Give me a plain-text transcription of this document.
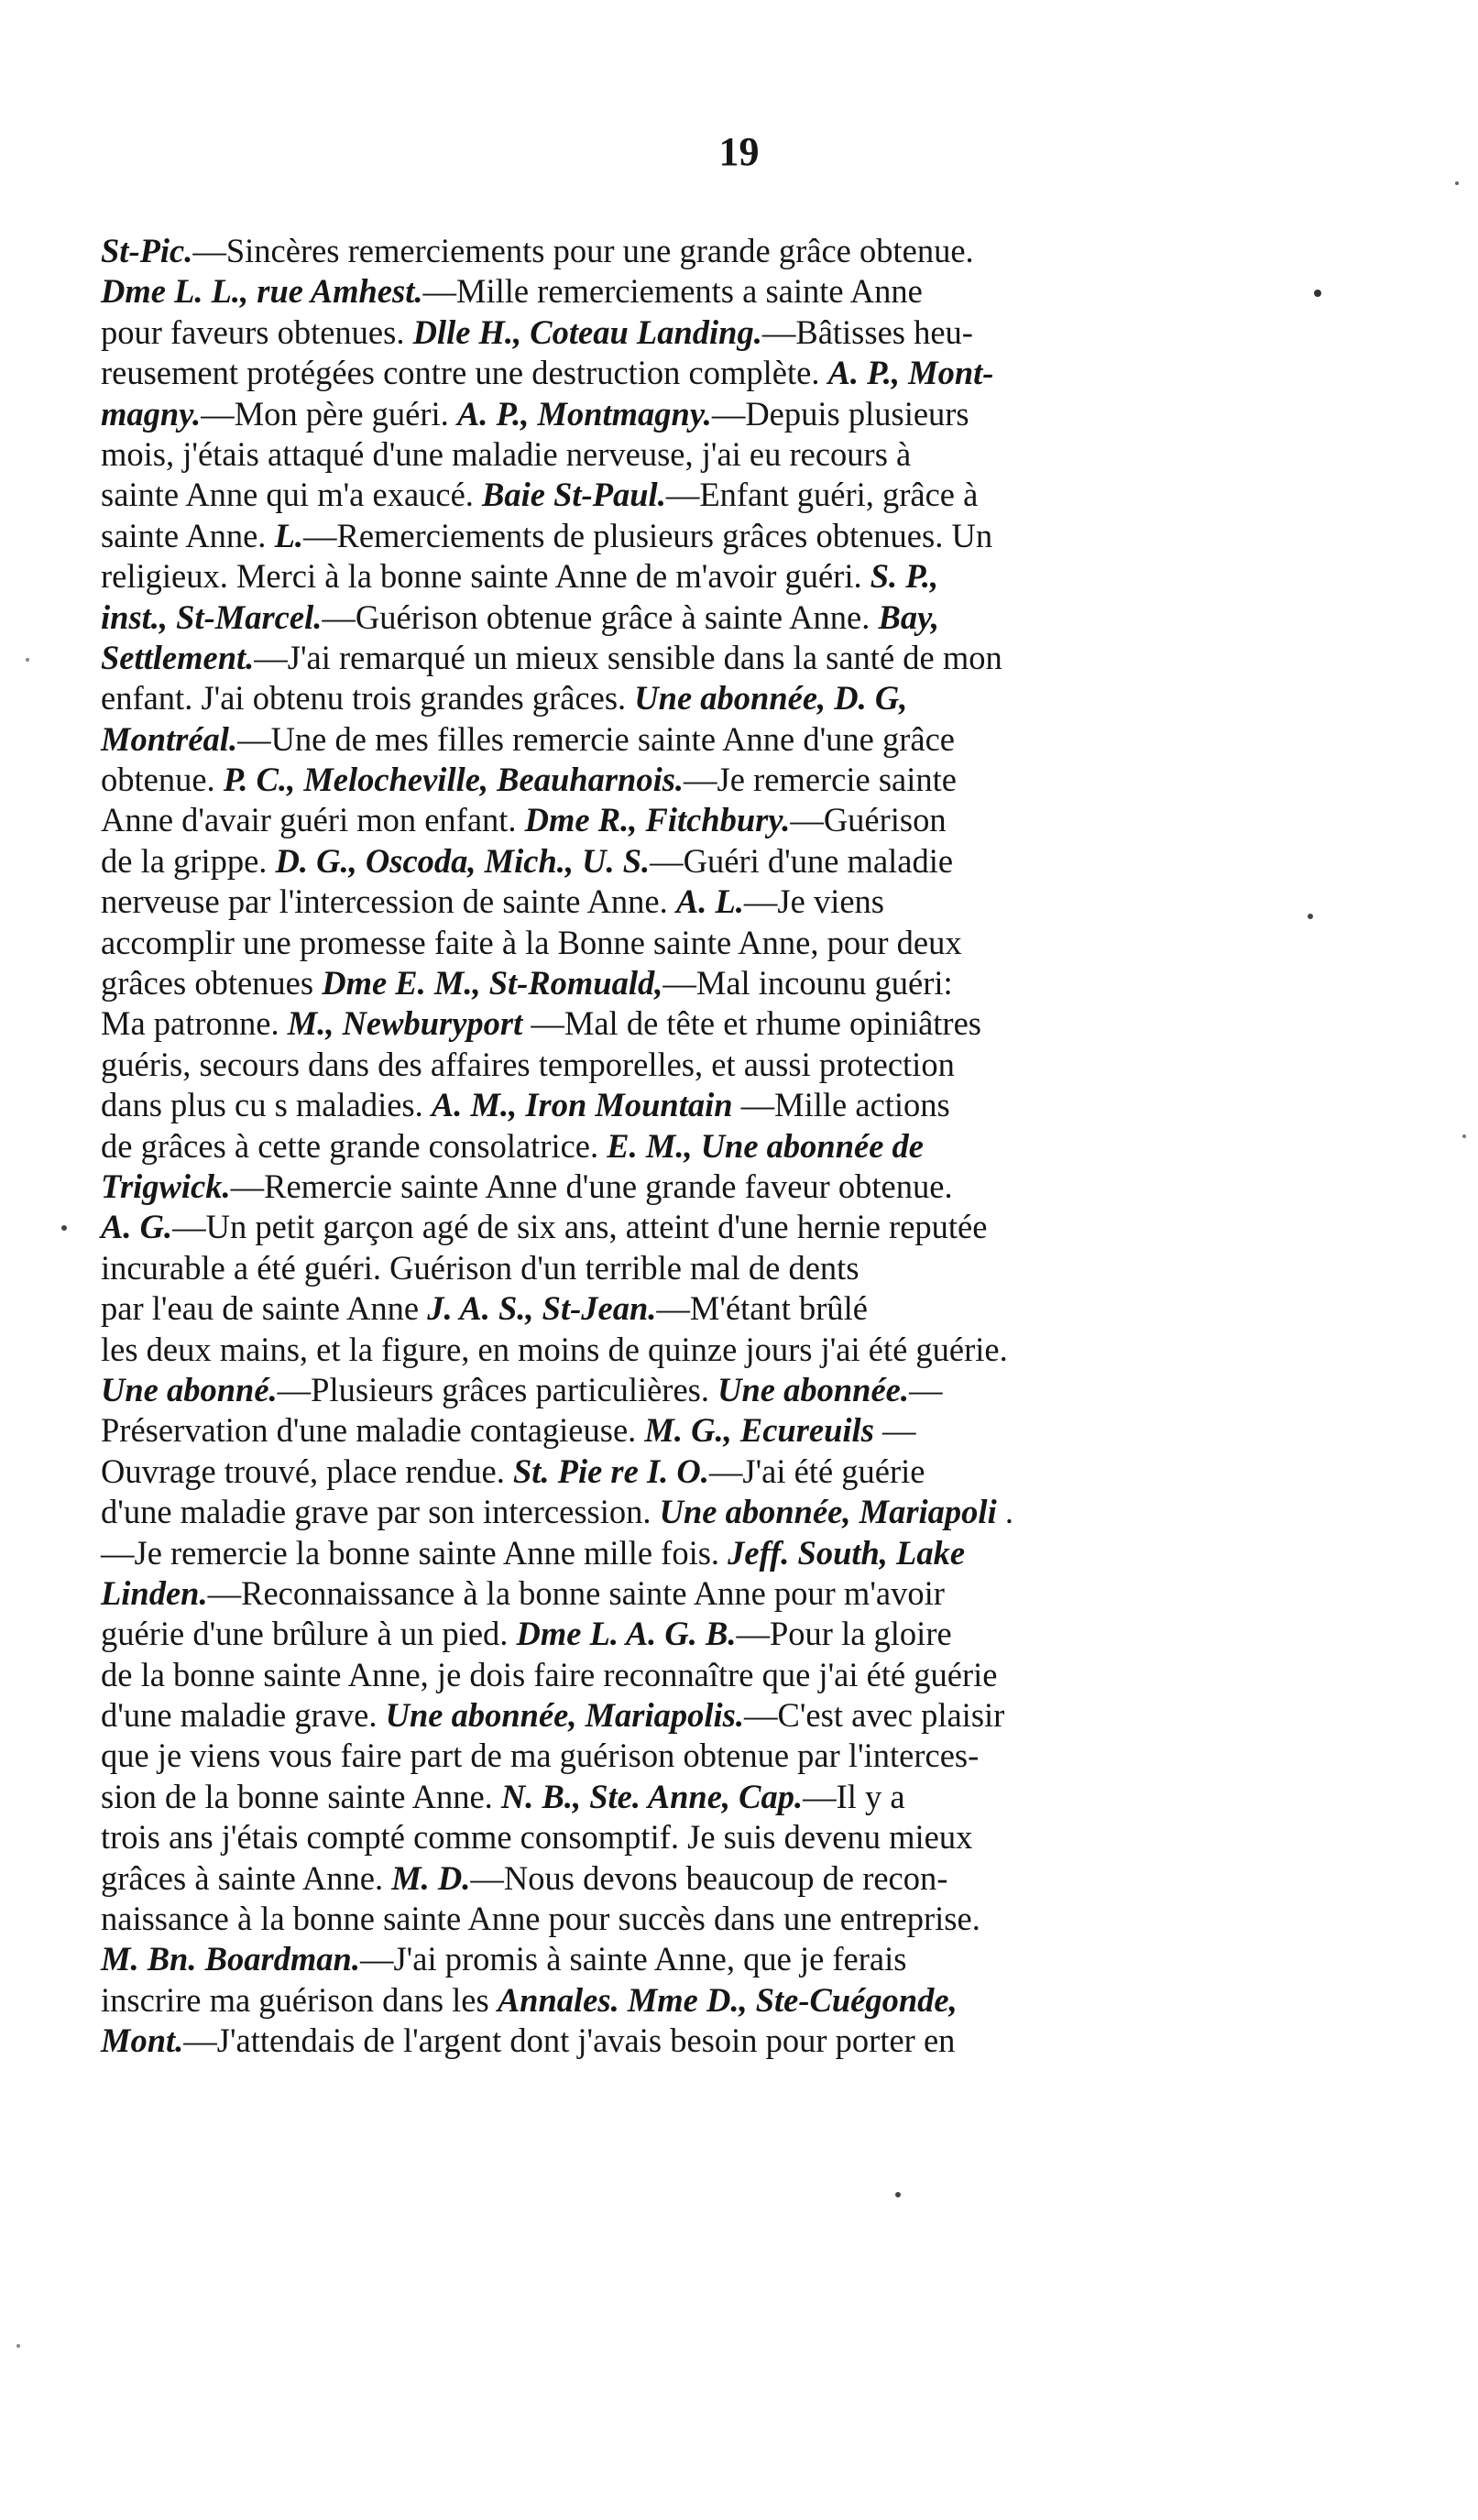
19
St-Pic.—Sincères remerciements pour une grande grâce obtenue.
Dme L. L., rue Amhest.—Mille remerciements a sainte Anne
pour faveurs obtenues. Dlle H., Coteau Landing.—Bâtisses heu-
reusement protégées contre une destruction complète. A. P., Mont-
magny.—Mon père guéri. A. P., Montmagny.—Depuis plusieurs
mois, j'étais attaqué d'une maladie nerveuse, j'ai eu recours à
sainte Anne qui m'a exaucé. Baie St-Paul.—Enfant guéri, grâce à
sainte Anne. L.—Remerciements de plusieurs grâces obtenues. Un
religieux. Merci à la bonne sainte Anne de m'avoir guéri. S. P.,
inst., St-Marcel.—Guérison obtenue grâce à sainte Anne. Bay,
Settlement.—J'ai remarqué un mieux sensible dans la santé de mon
enfant. J'ai obtenu trois grandes grâces. Une abonnée, D. G,
Montréal.—Une de mes filles remercie sainte Anne d'une grâce
obtenue. P. C., Melocheville, Beauharnois.—Je remercie sainte
Anne d'avair guéri mon enfant. Dme R., Fitchbury.—Guérison
de la grippe. D. G., Oscoda, Mich., U. S.—Guéri d'une maladie
nerveuse par l'intercession de sainte Anne. A. L.—Je viens
accomplir une promesse faite à la Bonne sainte Anne, pour deux
grâces obtenues Dme E. M., St-Romuald,—Mal incounu guéri:
Ma patronne. M., Newburyport —Mal de tête et rhume opiniâtres
guéris, secours dans des affaires temporelles, et aussi protection
dans plus cu s maladies. A. M., Iron Mountain —Mille actions
de grâces à cette grande consolatrice. E. M., Une abonnée de
Trigwick.—Remercie sainte Anne d'une grande faveur obtenue.
A. G.—Un petit garçon agé de six ans, atteint d'une hernie reputée
incurable a été guéri. Guérison d'un terrible mal de dents
par l'eau de sainte Anne J. A. S., St-Jean.—M'étant brûlé
les deux mains, et la figure, en moins de quinze jours j'ai été guérie.
Une abonné.—Plusieurs grâces particulières. Une abonnée.—
Préservation d'une maladie contagieuse. M. G., Ecureuils —
Ouvrage trouvé, place rendue. St. Pie re I. O.—J'ai été guérie
d'une maladie grave par son intercession. Une abonnée, Mariapoli .
—Je remercie la bonne sainte Anne mille fois. Jeff. South, Lake
Linden.—Reconnaissance à la bonne sainte Anne pour m'avoir
guérie d'une brûlure à un pied. Dme L. A. G. B.—Pour la gloire
de la bonne sainte Anne, je dois faire reconnaître que j'ai été guérie
d'une maladie grave. Une abonnée, Mariapolis.—C'est avec plaisir
que je viens vous faire part de ma guérison obtenue par l'interces-
sion de la bonne sainte Anne. N. B., Ste. Anne, Cap.—Il y a
trois ans j'étais compté comme consomptif. Je suis devenu mieux
grâces à sainte Anne. M. D.—Nous devons beaucoup de recon-
naissance à la bonne sainte Anne pour succès dans une entreprise.
M. Bn. Boardman.—J'ai promis à sainte Anne, que je ferais
inscrire ma guérison dans les Annales. Mme D., Ste-Cuégonde,
Mont.—J'attendais de l'argent dont j'avais besoin pour porter en
